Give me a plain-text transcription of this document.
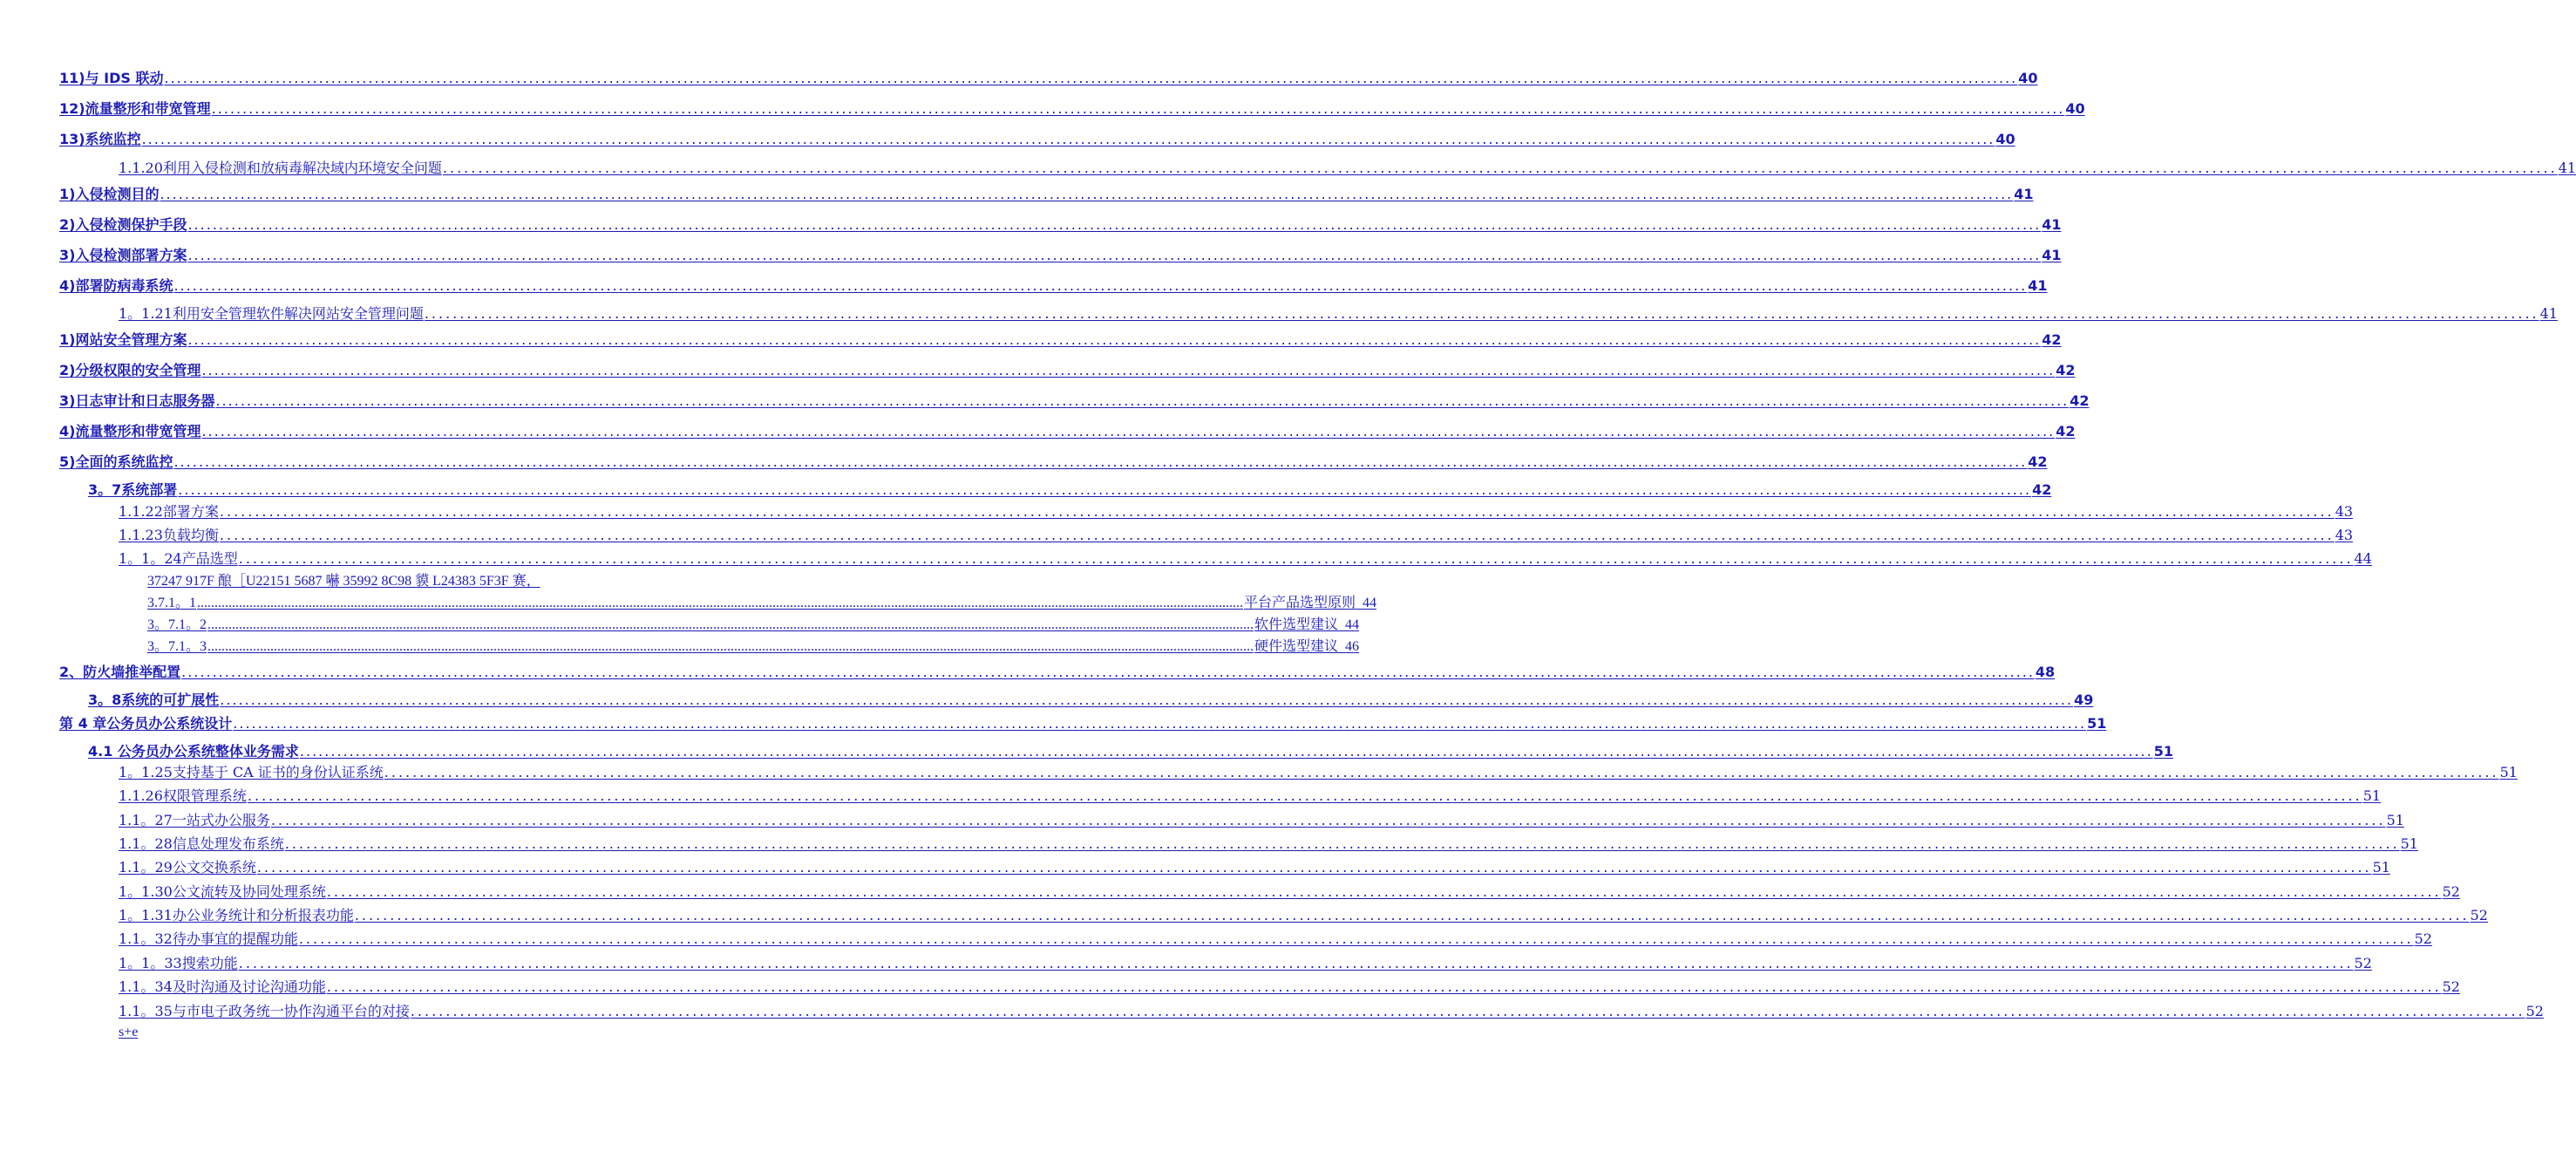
11) 与 IDS 联动 ............................................................................................................................................................................................................................................................................................................ 40
12) 流量整形和带宽管理 ............................................................................................................................................................................................................................................................................................................ 40
13) 系统监控 ............................................................................................................................................................................................................................................................................................................ 40
1.1.20 利用入侵检测和放病毒解决域内环境安全问题 ............................................................................................................................................................................................................................................................................................................ 41
1) 入侵检测目的 ............................................................................................................................................................................................................................................................................................................ 41
2) 入侵检测保护手段 ............................................................................................................................................................................................................................................................................................................ 41
3) 入侵检测部署方案 ............................................................................................................................................................................................................................................................................................................ 41
4) 部署防病毒系统 ............................................................................................................................................................................................................................................................................................................ 41
1。1.21 利用安全管理软件解决网站安全管理问题 ............................................................................................................................................................................................................................................................................................................ 41
1) 网站安全管理方案 ............................................................................................................................................................................................................................................................................................................ 42
2) 分级权限的安全管理 ............................................................................................................................................................................................................................................................................................................ 42
3) 日志审计和日志服务器 ............................................................................................................................................................................................................................................................................................................ 42
4) 流量整形和带宽管理 ............................................................................................................................................................................................................................................................................................................ 42
5) 全面的系统监控 ............................................................................................................................................................................................................................................................................................................ 42
3。7系统部署 ............................................................................................................................................................................................................................................................................................................ 42
1.1.22 部署方案 ............................................................................................................................................................................................................................................................................................................ 43
1.1.23 负载均衡 ............................................................................................................................................................................................................................................................................................................ 43
1。1。24 产品选型 ............................................................................................................................................................................................................................................................................................................ 44
37247 917F 酿［U22151 5687 嚇 35992 8C98 貘 L24383 5F3F 赛，
3.7.1。1 ............................................................................................................................................................................................................................................................................................................ 平台产品选型原则
44
3。7.1。2 ............................................................................................................................................................................................................................................................................................................ 软件选型建议
44
3。7.1。3 ............................................................................................................................................................................................................................................................................................................ 硬件选型建议
46
2、防火墙推举配置 ............................................................................................................................................................................................................................................................................................................ 48
3。8系统的可扩展性 ............................................................................................................................................................................................................................................................................................................ 49
第 4 章公务员办公系统设计 ............................................................................................................................................................................................................................................................................................................ 51
4.1 公务员办公系统整体业务需求 ............................................................................................................................................................................................................................................................................................................ 51
1。1.25 支持基于 CA 证书的身份认证系统 ............................................................................................................................................................................................................................................................................................................ 51
1.1.26 权限管理系统 ............................................................................................................................................................................................................................................................................................................ 51
1.1。27 一站式办公服务 ............................................................................................................................................................................................................................................................................................................ 51
1.1。28 信息处理发布系统 ............................................................................................................................................................................................................................................................................................................ 51
1.1。29 公文交换系统 ............................................................................................................................................................................................................................................................................................................ 51
1。1.30 公文流转及协同处理系统 ............................................................................................................................................................................................................................................................................................................ 52
1。1.31 办公业务统计和分析报表功能 ............................................................................................................................................................................................................................................................................................................ 52
1.1。32 待办事宜的提醒功能 ............................................................................................................................................................................................................................................................................................................ 52
1。1。33 搜索功能 ............................................................................................................................................................................................................................................................................................................ 52
1.1。34 及时沟通及讨论沟通功能 ............................................................................................................................................................................................................................................................................................................ 52
1.1。35 与市电子政务统一协作沟通平台的对接 ............................................................................................................................................................................................................................................................................................................ 52
s+e
